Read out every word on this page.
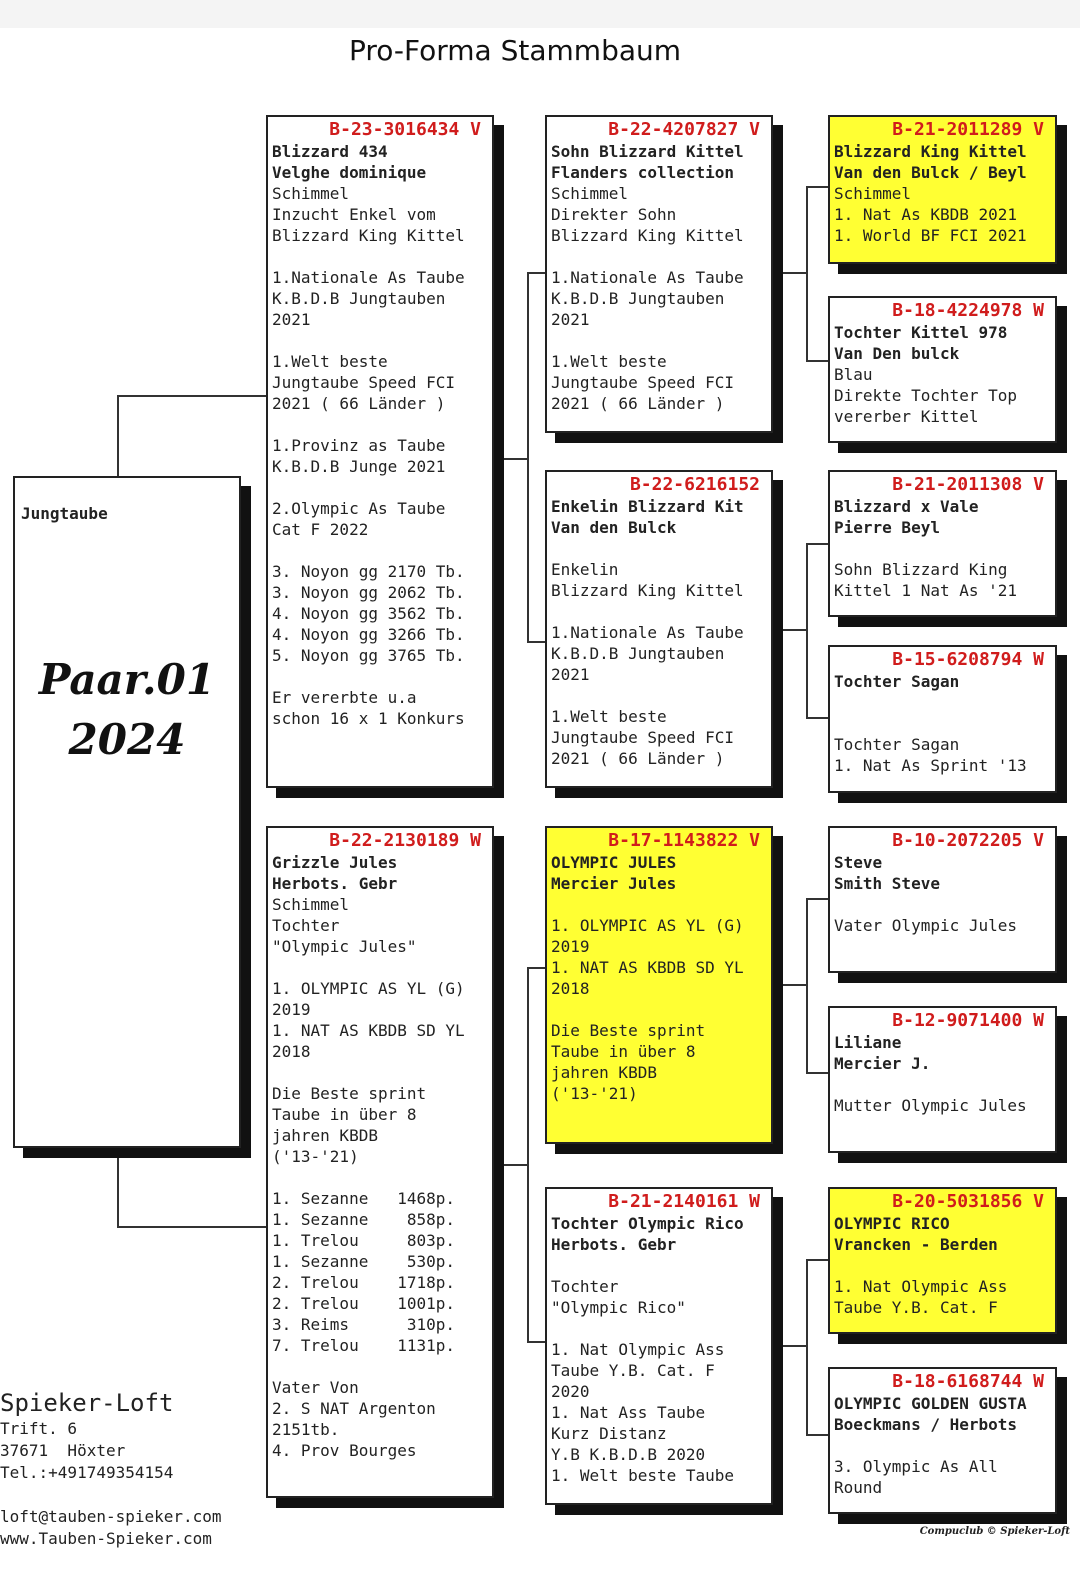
Pro-Forma Stammbaum
Jungtaube
Paar.01
2024
B-23-3016434 V
Blizzard 434
Velghe dominique
Schimmel
Inzucht Enkel vom
Blizzard King Kittel

1.Nationale As Taube
K.B.D.B Jungtauben
2021

1.Welt beste
Jungtaube Speed FCI
2021 ( 66 Länder )

1.Provinz as Taube
K.B.D.B Junge 2021

2.Olympic As Taube
Cat F 2022

3. Noyon gg 2170 Tb.
3. Noyon gg 2062 Tb.
4. Noyon gg 3562 Tb.
4. Noyon gg 3266 Tb.
5. Noyon gg 3765 Tb.

Er vererbte u.a
schon 16 x 1 Konkurs
B-22-2130189 W
Grizzle Jules
Herbots. Gebr
Schimmel
Tochter
"Olympic Jules"

1. OLYMPIC AS YL (G)
2019
1. NAT AS KBDB SD YL
2018

Die Beste sprint
Taube in über 8
jahren KBDB
('13-'21)

1. Sezanne   1468p.
1. Sezanne    858p.
1. Trelou     803p.
1. Sezanne    530p.
2. Trelou    1718p.
2. Trelou    1001p.
3. Reims      310p.
7. Trelou    1131p.

Vater Von
2. S NAT Argenton
2151tb.
4. Prov Bourges
B-22-4207827 V
Sohn Blizzard Kittel
Flanders collection
Schimmel
Direkter Sohn
Blizzard King Kittel

1.Nationale As Taube
K.B.D.B Jungtauben
2021

1.Welt beste
Jungtaube Speed FCI
2021 ( 66 Länder )
B-22-6216152
Enkelin Blizzard Kit
Van den Bulck

Enkelin
Blizzard King Kittel

1.Nationale As Taube
K.B.D.B Jungtauben
2021

1.Welt beste
Jungtaube Speed FCI
2021 ( 66 Länder )
B-17-1143822 V
OLYMPIC JULES
Mercier Jules

1. OLYMPIC AS YL (G)
2019
1. NAT AS KBDB SD YL
2018

Die Beste sprint
Taube in über 8
jahren KBDB
('13-'21)
B-21-2140161 W
Tochter Olympic Rico
Herbots. Gebr

Tochter
"Olympic Rico"

1. Nat Olympic Ass
Taube Y.B. Cat. F
2020
1. Nat Ass Taube
Kurz Distanz
Y.B K.B.D.B 2020
1. Welt beste Taube
B-21-2011289 V
Blizzard King Kittel
Van den Bulck / Beyl
Schimmel
1. Nat As KBDB 2021
1. World BF FCI 2021
B-18-4224978 W
Tochter Kittel 978
Van Den bulck
Blau
Direkte Tochter Top
vererber Kittel
B-21-2011308 V
Blizzard x Vale
Pierre Beyl

Sohn Blizzard King
Kittel 1 Nat As '21
B-15-6208794 W
Tochter Sagan

Tochter Sagan
1. Nat As Sprint '13
B-10-2072205 V
Steve
Smith Steve

Vater Olympic Jules
B-12-9071400 W
Liliane
Mercier J.

Mutter Olympic Jules
B-20-5031856 V
OLYMPIC RICO
Vrancken - Berden

1. Nat Olympic Ass
Taube Y.B. Cat. F
B-18-6168744 W
OLYMPIC GOLDEN GUSTA
Boeckmans / Herbots

3. Olympic As All
Round
Spieker-Loft
Trift. 6
37671  Höxter
Tel.:+491749354154

loft@tauben-spieker.com
www.Tauben-Spieker.com	Compuclub © Spieker-Loft
